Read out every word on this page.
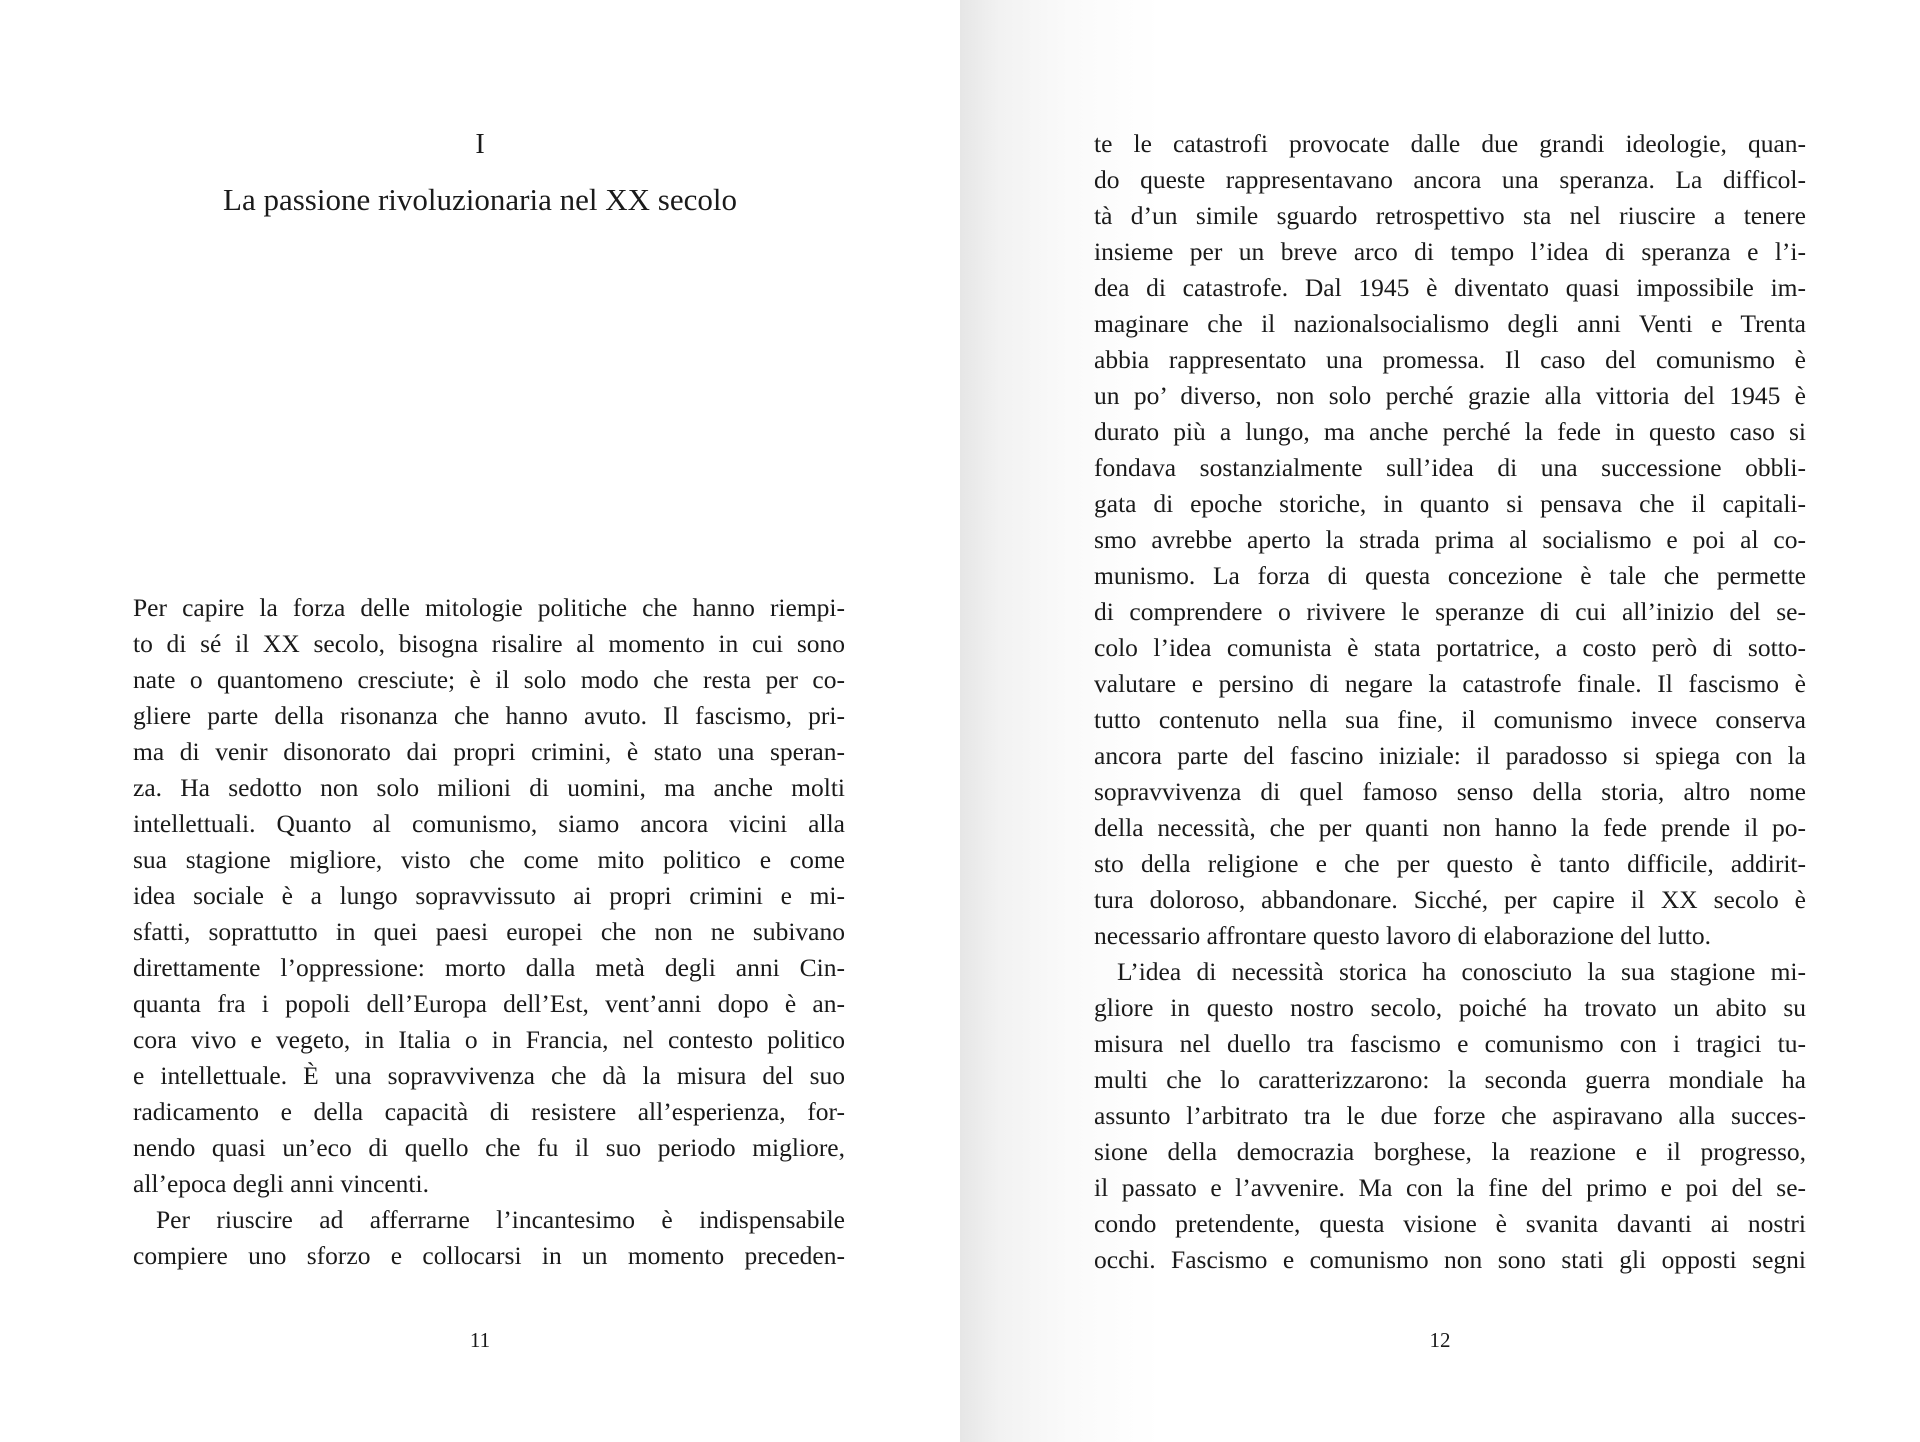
I
La passione rivoluzionaria nel XX secolo
Per capire la forza delle mitologie politiche che hanno riempi-
to di sé il XX secolo, bisogna risalire al momento in cui sono
nate o quantomeno cresciute; è il solo modo che resta per co-
gliere parte della risonanza che hanno avuto. Il fascismo, pri-
ma di venir disonorato dai propri crimini, è stato una speran-
za. Ha sedotto non solo milioni di uomini, ma anche molti
intellettuali. Quanto al comunismo, siamo ancora vicini alla
sua stagione migliore, visto che come mito politico e come
idea sociale è a lungo sopravvissuto ai propri crimini e mi-
sfatti, soprattutto in quei paesi europei che non ne subivano
direttamente l’oppressione: morto dalla metà degli anni Cin-
quanta fra i popoli dell’Europa dell’Est, vent’anni dopo è an-
cora vivo e vegeto, in Italia o in Francia, nel contesto politico
e intellettuale. È una sopravvivenza che dà la misura del suo
radicamento e della capacità di resistere all’esperienza, for-
nendo quasi un’eco di quello che fu il suo periodo migliore,
all’epoca degli anni vincenti.
Per riuscire ad afferrarne l’incantesimo è indispensabile
compiere uno sforzo e collocarsi in un momento preceden-
11
te le catastrofi provocate dalle due grandi ideologie, quan-
do queste rappresentavano ancora una speranza. La difficol-
tà d’un simile sguardo retrospettivo sta nel riuscire a tenere
insieme per un breve arco di tempo l’idea di speranza e l’i-
dea di catastrofe. Dal 1945 è diventato quasi impossibile im-
maginare che il nazionalsocialismo degli anni Venti e Trenta
abbia rappresentato una promessa. Il caso del comunismo è
un po’ diverso, non solo perché grazie alla vittoria del 1945 è
durato più a lungo, ma anche perché la fede in questo caso si
fondava sostanzialmente sull’idea di una successione obbli-
gata di epoche storiche, in quanto si pensava che il capitali-
smo avrebbe aperto la strada prima al socialismo e poi al co-
munismo. La forza di questa concezione è tale che permette
di comprendere o rivivere le speranze di cui all’inizio del se-
colo l’idea comunista è stata portatrice, a costo però di sotto-
valutare e persino di negare la catastrofe finale. Il fascismo è
tutto contenuto nella sua fine, il comunismo invece conserva
ancora parte del fascino iniziale: il paradosso si spiega con la
sopravvivenza di quel famoso senso della storia, altro nome
della necessità, che per quanti non hanno la fede prende il po-
sto della religione e che per questo è tanto difficile, addirit-
tura doloroso, abbandonare. Sicché, per capire il XX secolo è
necessario affrontare questo lavoro di elaborazione del lutto.
L’idea di necessità storica ha conosciuto la sua stagione mi-
gliore in questo nostro secolo, poiché ha trovato un abito su
misura nel duello tra fascismo e comunismo con i tragici tu-
multi che lo caratterizzarono: la seconda guerra mondiale ha
assunto l’arbitrato tra le due forze che aspiravano alla succes-
sione della democrazia borghese, la reazione e il progresso,
il passato e l’avvenire. Ma con la fine del primo e poi del se-
condo pretendente, questa visione è svanita davanti ai nostri
occhi. Fascismo e comunismo non sono stati gli opposti segni
12
